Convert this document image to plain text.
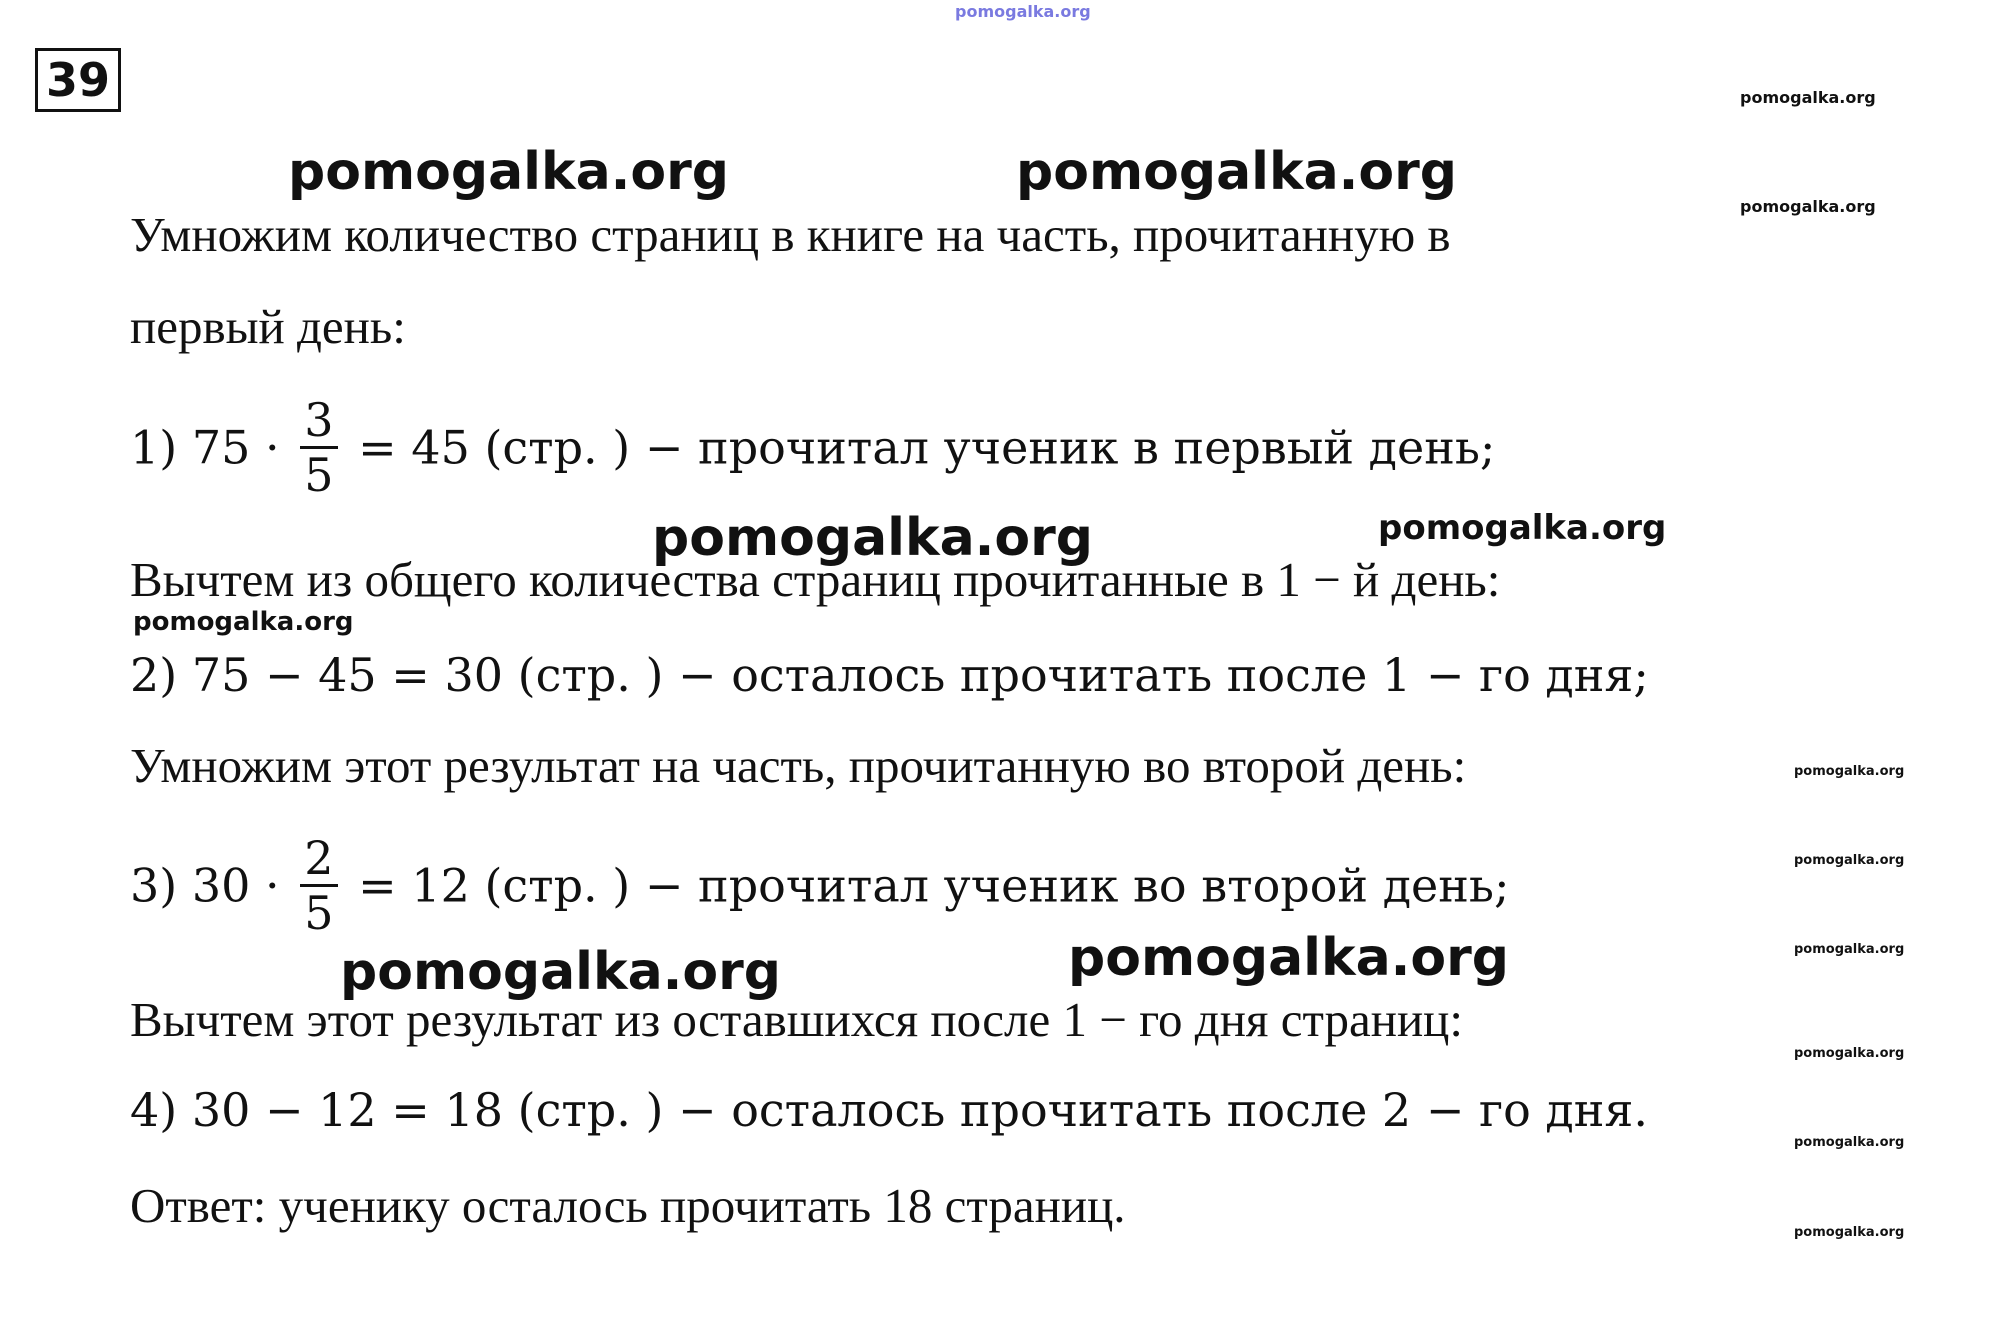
39
pomogalka.org
pomogalka.org
pomogalka.org
pomogalka.org	pomogalka.org
pomogalka.org	pomogalka.org
pomogalka.org
pomogalka.org
pomogalka.org
pomogalka.org
pomogalka.org	pomogalka.org
pomogalka.org
pomogalka.org
pomogalka.org
Умножим количество страниц в книге на часть, прочитанную в
первый день:
1) $75 \cdot \frac{3}{5} = 45$ (стр. ) − прочитал ученик в первый день;
Вычтем из общего количества страниц прочитанные в 1 − й день:
2) 75 − 45 = 30 (стр. ) − осталось прочитать после 1 − го дня;
Умножим этот результат на часть, прочитанную во второй день:
3) $30 \cdot \frac{2}{5} = 12$ (стр. ) − прочитал ученик во второй день;
Вычтем этот результат из оставшихся после 1 − го дня страниц:
4) 30 − 12 = 18 (стр. ) − осталось прочитать после 2 − го дня.
Ответ: ученику осталось прочитать 18 страниц.
